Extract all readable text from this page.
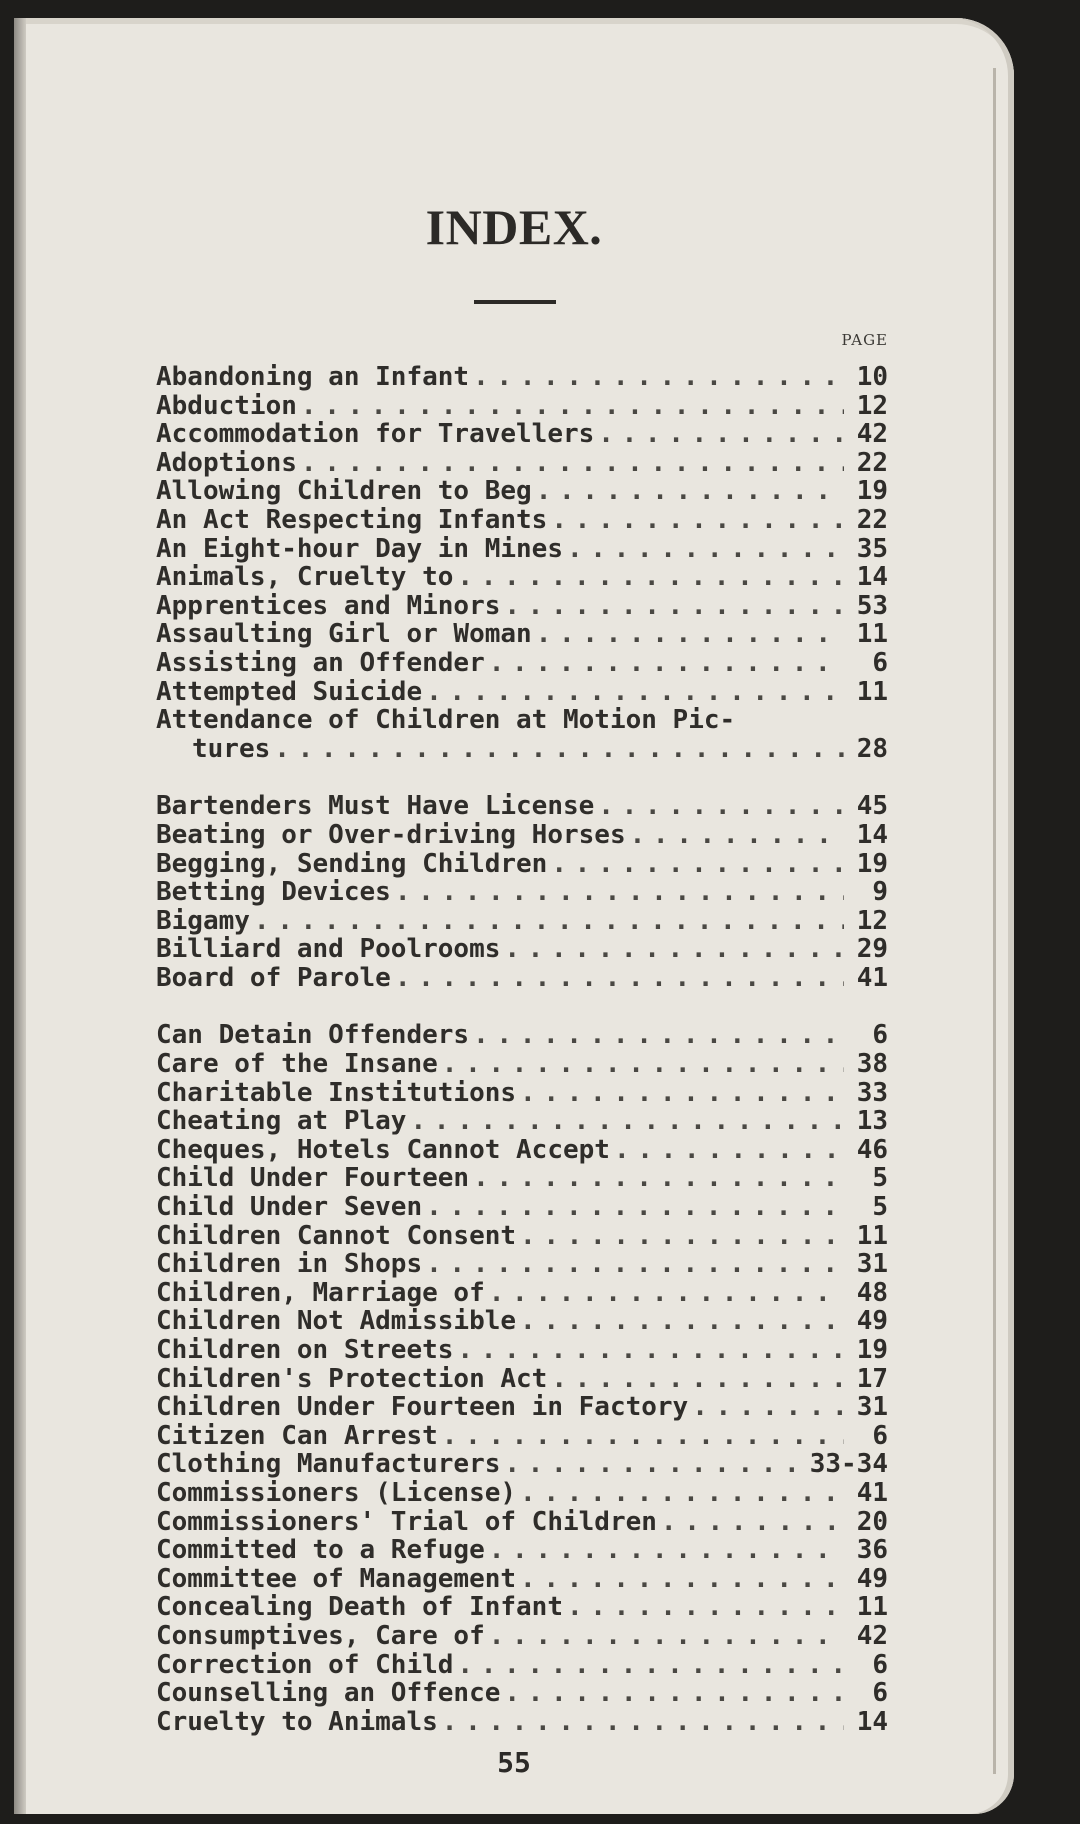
INDEX.
PAGE
Abandoning an Infant . . .	10
Abduction . . .	12
Accommodation for Travellers . . .	42
Adoptions . . .	22
Allowing Children to Beg . . .	19
An Act Respecting Infants . . .	22
An Eight-hour Day in Mines . . .	35
Animals, Cruelty to . . .	14
Apprentices and Minors . . .	53
Assaulting Girl or Woman . . .	11
Assisting an Offender . . .	6
Attempted Suicide . . .	11
Attendance of Children at Motion Pic-
tures . . .	28
Bartenders Must Have License . . .	45
Beating or Over-driving Horses . . .	14
Begging, Sending Children . . .	19
Betting Devices . . .	9
Bigamy . . .	12
Billiard and Poolrooms . . .	29
Board of Parole . . .	41
Can Detain Offenders . . .	6
Care of the Insane . . .	38
Charitable Institutions . . .	33
Cheating at Play . . .	13
Cheques, Hotels Cannot Accept . . .	46
Child Under Fourteen . . .	5
Child Under Seven . . .	5
Children Cannot Consent . . .	11
Children in Shops . . .	31
Children, Marriage of . . .	48
Children Not Admissible . . .	49
Children on Streets . . .	19
Children's Protection Act . . .	17
Children Under Fourteen in Factory . . .	31
Citizen Can Arrest . . .	6
Clothing Manufacturers . . .	33-34
Commissioners (License) . . .	41
Commissioners' Trial of Children . . .	20
Committed to a Refuge . . .	36
Committee of Management . . .	49
Concealing Death of Infant . . .	11
Consumptives, Care of . . .	42
Correction of Child . . .	6
Counselling an Offence . . .	6
Cruelty to Animals . . .	14
55
